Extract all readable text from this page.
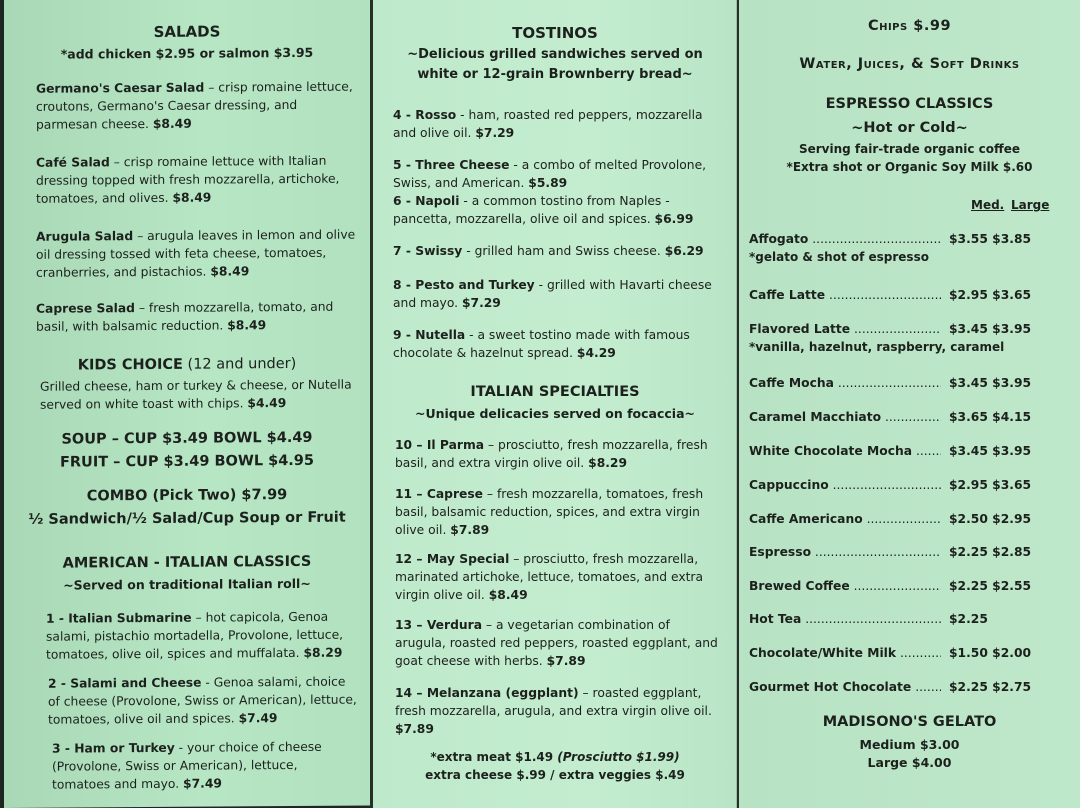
SALADS
*add chicken $2.95 or salmon $3.95
Germano's Caesar Salad – crisp romaine lettuce, croutons, Germano's Caesar dressing, and parmesan cheese. $8.49
Café Salad – crisp romaine lettuce with Italian dressing topped with fresh mozzarella, artichoke, tomatoes, and olives. $8.49
Arugula Salad – arugula leaves in lemon and olive oil dressing tossed with feta cheese, tomatoes, cranberries, and pistachios. $8.49
Caprese Salad – fresh mozzarella, tomato, and basil, with balsamic reduction. $8.49
KIDS CHOICE (12 and under)
Grilled cheese, ham or turkey & cheese, or Nutella served on white toast with chips. $4.49
SOUP – CUP $3.49 BOWL $4.49
FRUIT – CUP $3.49 BOWL $4.95
COMBO (Pick Two) $7.99
½ Sandwich/½ Salad/Cup Soup or Fruit
AMERICAN - ITALIAN CLASSICS
~Served on traditional Italian roll~
1 - Italian Submarine – hot capicola, Genoa salami, pistachio mortadella, Provolone, lettuce, tomatoes, olive oil, spices and muffalata. $8.29
2 - Salami and Cheese - Genoa salami, choice of cheese (Provolone, Swiss or American), lettuce, tomatoes, olive oil and spices. $7.49
3 - Ham or Turkey - your choice of cheese (Provolone, Swiss or American), lettuce, tomatoes and mayo. $7.49
TOSTINOS
~Delicious grilled sandwiches served on white or 12-grain Brownberry bread~
4 - Rosso - ham, roasted red peppers, mozzarella and olive oil. $7.29
5 - Three Cheese - a combo of melted Provolone, Swiss, and American. $5.89
6 - Napoli - a common tostino from Naples - pancetta, mozzarella, olive oil and spices. $6.99
7 - Swissy - grilled ham and Swiss cheese. $6.29
8 - Pesto and Turkey - grilled with Havarti cheese and mayo. $7.29
9 - Nutella - a sweet tostino made with famous chocolate & hazelnut spread. $4.29
ITALIAN SPECIALTIES
~Unique delicacies served on focaccia~
10 – Il Parma – prosciutto, fresh mozzarella, fresh basil, and extra virgin olive oil. $8.29
11 – Caprese – fresh mozzarella, tomatoes, fresh basil, balsamic reduction, spices, and extra virgin olive oil. $7.89
12 – May Special – prosciutto, fresh mozzarella, marinated artichoke, lettuce, tomatoes, and extra virgin olive oil. $8.49
13 – Verdura – a vegetarian combination of arugula, roasted red peppers, roasted eggplant, and goat cheese with herbs. $7.89
14 – Melanzana (eggplant) – roasted eggplant, fresh mozzarella, arugula, and extra virgin olive oil. $7.89
*extra meat $1.49 (Prosciutto $1.99)
extra cheese $.99 / extra veggies $.49
Chips $.99
Water, Juices, & Soft Drinks
ESPRESSO CLASSICS
~Hot or Cold~
Serving fair-trade organic coffee
*Extra shot or Organic Soy Milk $.60
Med. Large
Affogato .....	$3.55 $3.85
*gelato & shot of espresso
Caffe Latte .....	$2.95 $3.65
Flavored Latte .....	$3.45 $3.95
*vanilla, hazelnut, raspberry, caramel
Caffe Mocha .....	$3.45 $3.95
Caramel Macchiato .....	$3.65 $4.15
White Chocolate Mocha .....	$3.45 $3.95
Cappuccino .....	$2.95 $3.65
Caffe Americano .....	$2.50 $2.95
Espresso .....	$2.25 $2.85
Brewed Coffee .....	$2.25 $2.55
Hot Tea .....	$2.25
Chocolate/White Milk .....	$1.50 $2.00
Gourmet Hot Chocolate .....	$2.25 $2.75
MADISONO'S GELATO
Medium $3.00
Large $4.00
